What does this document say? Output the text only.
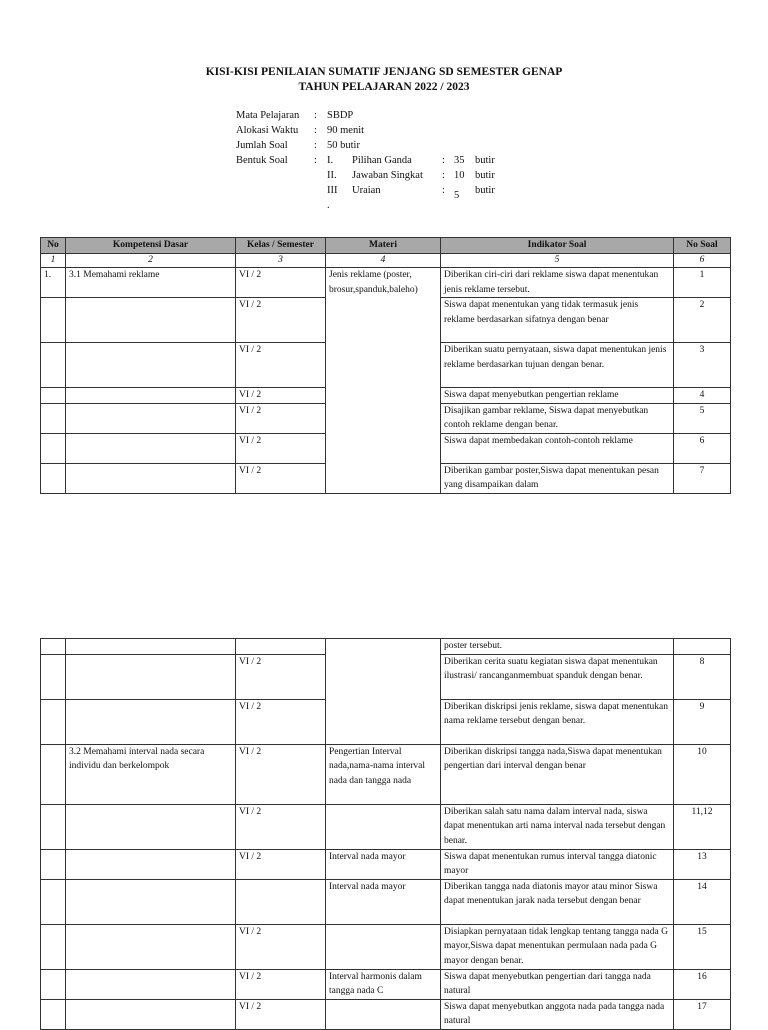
KISI-KISI PENILAIAN SUMATIF JENJANG SD SEMESTER GENAP
TAHUN PELAJARAN 2022 / 2023
Mata Pelajaran : SBDP
Alokasi Waktu : 90 menit
Jumlah Soal	: 50 butir
Bentuk Soal	: I. Pilihan Ganda	: 35 butir
II. Jawaban Singkat : 10 butir
III Uraian	: 5 butir
.
No	Kompetensi Dasar	Kelas / Semester	Materi	Indikator Soal	No Soal
1	2	3	4	5	6
1.	3.1 Memahami reklame	VI / 2	Jenis reklame (poster, brosur,spanduk,baleho)	Diberikan ciri-ciri dari reklame siswa dapat menentukan jenis reklame tersebut.	1
		VI / 2		Siswa dapat menentukan yang tidak termasuk jenis reklame berdasarkan sifatnya dengan benar	2
		VI / 2		Diberikan suatu pernyataan, siswa dapat menentukan jenis reklame berdasarkan tujuan dengan benar.	3
		VI / 2		Siswa dapat menyebutkan pengertian reklame	4
		VI / 2		Disajikan gambar reklame, Siswa dapat menyebutkan contoh reklame dengan benar.	5
		VI / 2		Siswa dapat membedakan contoh-contoh reklame	6
		VI / 2		Diberikan gambar poster,Siswa dapat menentukan pesan yang disampaikan dalam	7
				poster tersebut.	
		VI / 2		Diberikan cerita suatu kegiatan siswa dapat menentukan ilustrasi/ rancanganmembuat spanduk dengan benar.	8
		VI / 2		Diberikan diskripsi jenis reklame, siswa dapat menentukan nama reklame tersebut dengan benar.	9
	3.2 Memahami interval nada secara individu dan berkelompok	VI / 2	Pengertian Interval nada,nama-nama interval nada dan tangga nada	Diberikan diskripsi tangga nada,Siswa dapat menentukan pengertian dari interval dengan benar	10
		VI / 2		Diberikan salah satu nama dalam interval nada, siswa dapat menentukan arti nama interval nada tersebut dengan benar.	11,12
		VI / 2	Interval nada mayor	Siswa dapat menentukan rumus interval tangga diatonic mayor	13
			Interval nada mayor	Diberikan tangga nada diatonis mayor atau minor Siswa dapat menentukan jarak nada tersebut dengan benar	14
		VI / 2		Disiapkan pernyataan tidak lengkap tentang tangga nada G mayor,Siswa dapat menentukan permulaan nada pada G mayor dengan benar.	15
		VI / 2	Interval harmonis dalam tangga nada C	Siswa dapat menyebutkan pengertian dari tangga nada natural	16
		VI / 2		Siswa dapat menyebutkan anggota nada pada tangga nada natural	17
